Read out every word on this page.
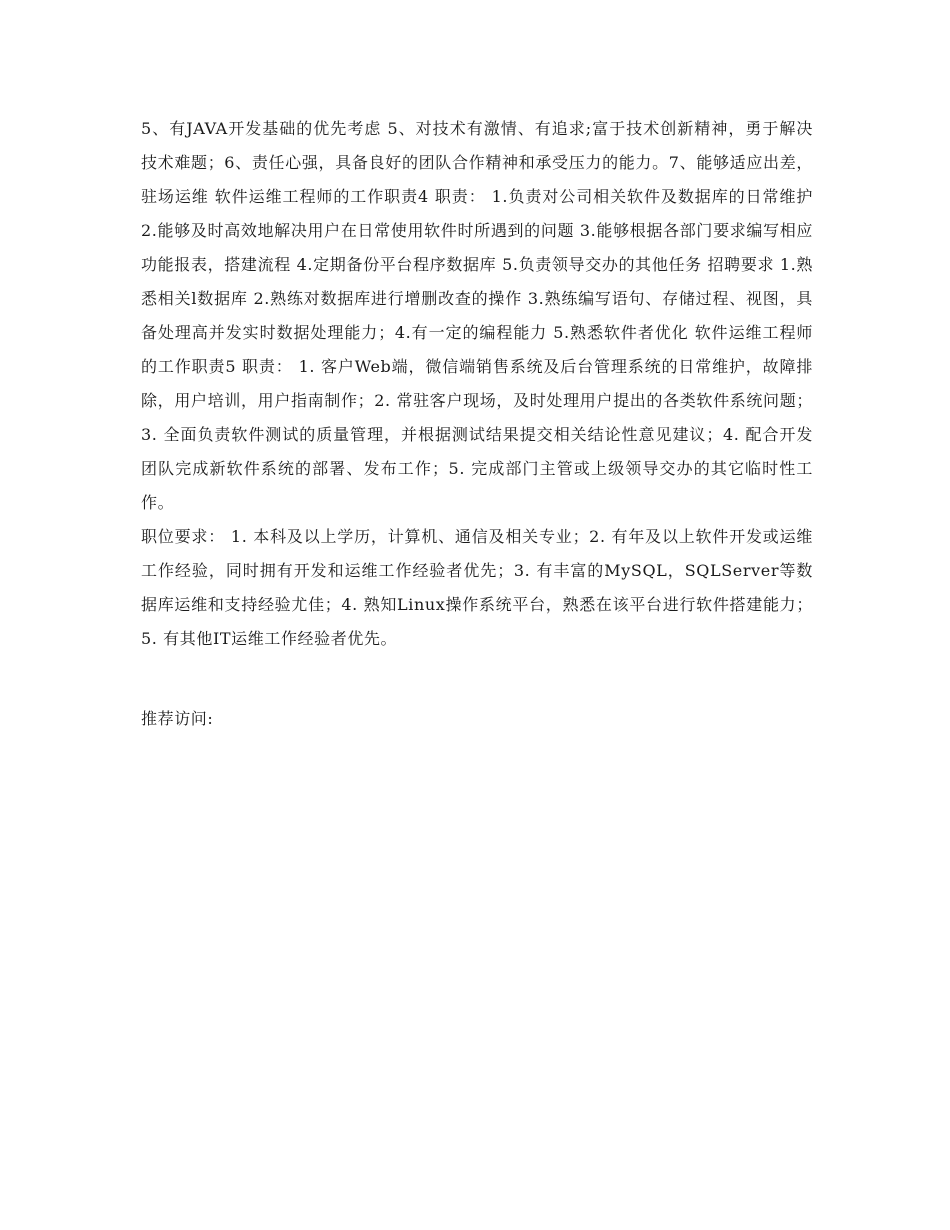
5、有JAVA开发基础的优先考虑 5、对技术有激情、有追求;富于技术创新精神，勇于解决技术难题；6、责任心强，具备良好的团队合作精神和承受压力的能力。7、能够适应出差，驻场运维 软件运维工程师的工作职责4 职责： 1.负责对公司相关软件及数据库的日常维护 2.能够及时高效地解决用户在日常使用软件时所遇到的问题 3.能够根据各部门要求编写相应功能报表，搭建流程 4.定期备份平台程序数据库 5.负责领导交办的其他任务 招聘要求 1.熟悉相关l数据库 2.熟练对数据库进行增删改查的操作 3.熟练编写语句、存储过程、视图，具备处理高并发实时数据处理能力；4.有一定的编程能力 5.熟悉软件者优化 软件运维工程师的工作职责5 职责： 1. 客户Web端，微信端销售系统及后台管理系统的日常维护，故障排除，用户培训，用户指南制作；2. 常驻客户现场，及时处理用户提出的各类软件系统问题；3. 全面负责软件测试的质量管理，并根据测试结果提交相关结论性意见建议；4. 配合开发团队完成新软件系统的部署、发布工作；5. 完成部门主管或上级领导交办的其它临时性工作。

职位要求： 1. 本科及以上学历，计算机、通信及相关专业；2. 有年及以上软件开发或运维工作经验，同时拥有开发和运维工作经验者优先；3. 有丰富的MySQL，SQLServer等数据库运维和支持经验尤佳；4. 熟知Linux操作系统平台，熟悉在该平台进行软件搭建能力；5. 有其他IT运维工作经验者优先。

推荐访问:
